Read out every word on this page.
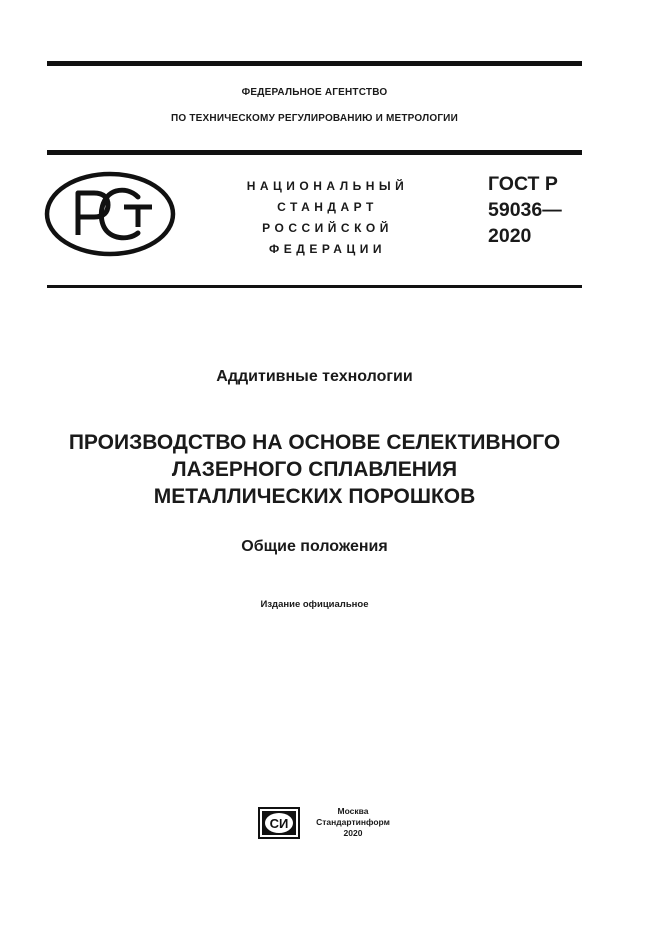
ФЕДЕРАЛЬНОЕ АГЕНТСТВО
ПО ТЕХНИЧЕСКОМУ РЕГУЛИРОВАНИЮ И МЕТРОЛОГИИ
НАЦИОНАЛЬНЫЙ
СТАНДАРТ
РОССИЙСКОЙ
ФЕДЕРАЦИИ
ГОСТ Р
59036—
2020
Аддитивные технологии
ПРОИЗВОДСТВО НА ОСНОВЕ СЕЛЕКТИВНОГО
ЛАЗЕРНОГО СПЛАВЛЕНИЯ
МЕТАЛЛИЧЕСКИХ ПОРОШКОВ
Общие положения
Издание официальное
СИ
Москва
Стандартинформ
2020
